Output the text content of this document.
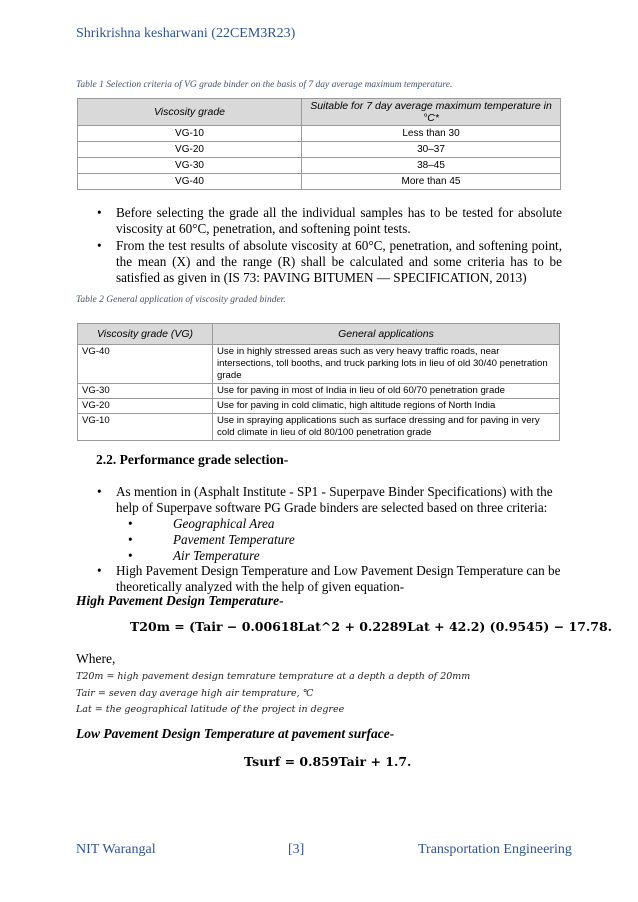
Shrikrishna kesharwani (22CEM3R23)
Table 1 Selection criteria of VG grade binder on the basis of 7 day average maximum temperature.
Viscosity grade	Suitable for 7 day average maximum temperature in °C*
VG-10	Less than 30
VG-20	30–37
VG-30	38–45
VG-40	More than 45
• Before selecting the grade all the individual samples has to be tested for absolute viscosity at 60°C, penetration, and softening point tests.
• From the test results of absolute viscosity at 60°C, penetration, and softening point, the mean (X) and the range (R) shall be calculated and some criteria has to be satisfied as given in (IS 73: PAVING BITUMEN — SPECIFICATION, 2013)
Table 2 General application of viscosity graded binder.
Viscosity grade (VG)	General applications
VG-40	Use in highly stressed areas such as very heavy traffic roads, near intersections, toll booths, and truck parking lots in lieu of old 30/40 penetration grade
VG-30	Use for paving in most of India in lieu of old 60/70 penetration grade
VG-20	Use for paving in cold climatic, high altitude regions of North India
VG-10	Use in spraying applications such as surface dressing and for paving in very cold climate in lieu of old 80/100 penetration grade
2.2. Performance grade selection-
• As mention in (Asphalt Institute - SP1 - Superpave Binder Specifications) with the help of Superpave software PG Grade binders are selected based on three criteria:
•	Geographical Area
•	Pavement Temperature
•	Air Temperature
• High Pavement Design Temperature and Low Pavement Design Temperature can be theoretically analyzed with the help of given equation-
High Pavement Design Temperature-
T20m = (Tair − 0.00618Lat^2 + 0.2289Lat + 42.2) (0.9545) − 17.78.
Where,
T20m = high pavement design temrature temprature at a depth a depth of 20mm
Tair = seven day average high air temprature, ℃
Lat = the geographical latitude of the project in degree
Low Pavement Design Temperature at pavement surface-
Tsurf = 0.859Tair + 1.7.
NIT Warangal	[3]	Transportation Engineering
